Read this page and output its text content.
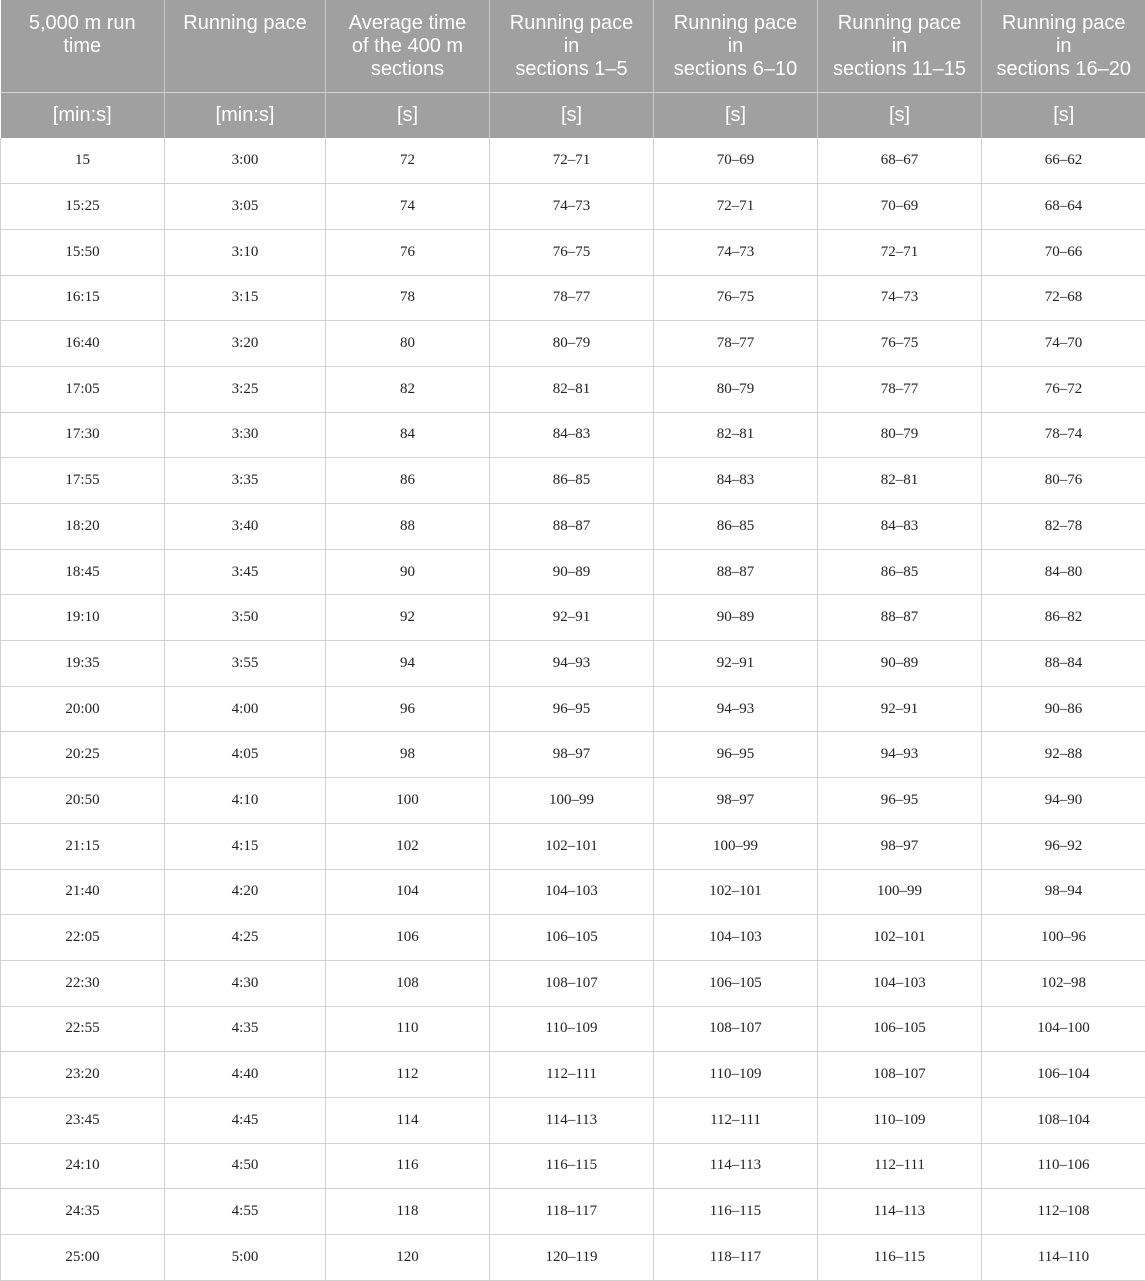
5,000 m run
time	Running pace	Average time
of the 400 m
sections	Running pace
in
sections 1–5	Running pace
in
sections 6–10	Running pace
in
sections 11–15	Running pace
in
sections 16–20
[min:s]	[min:s]	[s]	[s]	[s]	[s]	[s]
15	3:00	72	72–71	70–69	68–67	66–62
15:25	3:05	74	74–73	72–71	70–69	68–64
15:50	3:10	76	76–75	74–73	72–71	70–66
16:15	3:15	78	78–77	76–75	74–73	72–68
16:40	3:20	80	80–79	78–77	76–75	74–70
17:05	3:25	82	82–81	80–79	78–77	76–72
17:30	3:30	84	84–83	82–81	80–79	78–74
17:55	3:35	86	86–85	84–83	82–81	80–76
18:20	3:40	88	88–87	86–85	84–83	82–78
18:45	3:45	90	90–89	88–87	86–85	84–80
19:10	3:50	92	92–91	90–89	88–87	86–82
19:35	3:55	94	94–93	92–91	90–89	88–84
20:00	4:00	96	96–95	94–93	92–91	90–86
20:25	4:05	98	98–97	96–95	94–93	92–88
20:50	4:10	100	100–99	98–97	96–95	94–90
21:15	4:15	102	102–101	100–99	98–97	96–92
21:40	4:20	104	104–103	102–101	100–99	98–94
22:05	4:25	106	106–105	104–103	102–101	100–96
22:30	4:30	108	108–107	106–105	104–103	102–98
22:55	4:35	110	110–109	108–107	106–105	104–100
23:20	4:40	112	112–111	110–109	108–107	106–104
23:45	4:45	114	114–113	112–111	110–109	108–104
24:10	4:50	116	116–115	114–113	112–111	110–106
24:35	4:55	118	118–117	116–115	114–113	112–108
25:00	5:00	120	120–119	118–117	116–115	114–110
